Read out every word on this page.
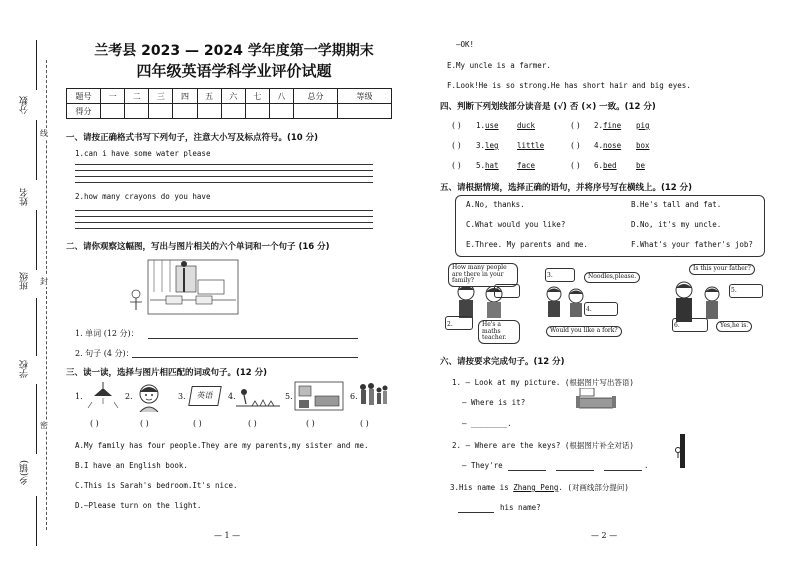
分数
姓名
班级
学校
乡(镇)
线
封
密
兰考县 2023 — 2024 学年度第一学期期末
四年级英语学科学业评价试题
题号	一	二	三	四	五	六	七	八	总分	等级
得分										
一、请按正确格式书写下列句子，注意大小写及标点符号。(10 分)
1.can i have some water please
2.how many crayons do you have
二、请你观察这幅图，写出与图片相关的六个单词和一个句子 (16 分)
1. 单词 (12 分)：
2. 句子 (4 分)：
三、读一读，选择与图片相匹配的词或句子。(12 分)
1.	2.	3.	英语	4.	5.	6.
( )	( )	( )	( )	( )	( )
A.My family has four people.They are my parents,my sister and me.
B.I have an English book.
C.This is Sarah's bedroom.It's nice.
D.—Please turn on the light.
— 1 —
—OK!
E.My uncle is a farmer.
F.Look!He is so strong.He has short hair and big eyes.
四、判断下列划线部分读音是 (√) 否 (×) 一致。(12 分)
( ) 1.use duck	( ) 2.fine pig
( ) 3.leg little	( ) 4.nose box
( ) 5.hat face	( ) 6.bed	be
五、请根据情境，选择正确的语句，并将序号写在横线上。(12 分)
A.No, thanks.	B.He's tall and fat.
C.What would you like?	D.No, it's my uncle.
E.Three. My parents and me.	F.What's your father's job?
How many people are there in your family?
1.
2.	He's a maths teacher.
3.	Noodles,please.
4.
Would you like a fork?
Is this your father?
5.
6.	Yes,he is.
六、请按要求完成句子。(12 分)
1. — Look at my picture. (根据图片写出答语)
— Where is it?
— ________.
2. — Where are the keys? (根据图片补全对话)
— They're	.
3.His name is Zhang Peng. (对画线部分提问)
his name?
— 2 —
